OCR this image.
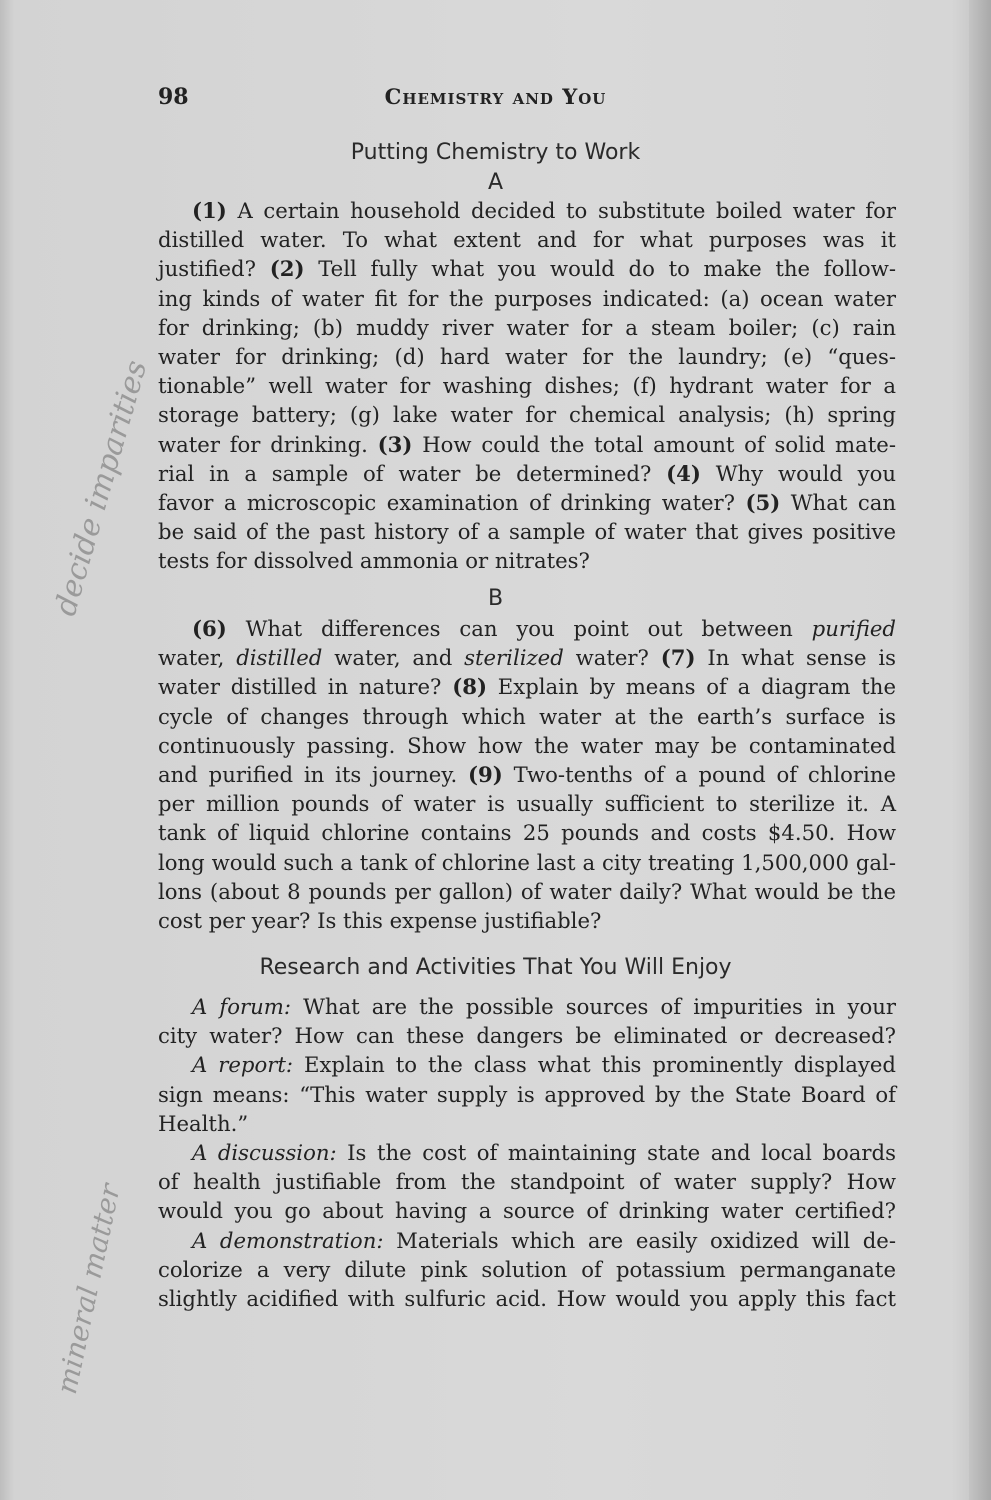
98	Chemistry and You
Putting Chemistry to Work
A
(1) A certain household decided to substitute boiled water for
distilled water. To what extent and for what purposes was it
justified? (2) Tell fully what you would do to make the follow-
ing kinds of water fit for the purposes indicated: (a) ocean water
for drinking; (b) muddy river water for a steam boiler; (c) rain
water for drinking; (d) hard water for the laundry; (e) “ques-
tionable” well water for washing dishes; (f) hydrant water for a
storage battery; (g) lake water for chemical analysis; (h) spring
water for drinking. (3) How could the total amount of solid mate-
rial in a sample of water be determined? (4) Why would you
favor a microscopic examination of drinking water? (5) What can
be said of the past history of a sample of water that gives positive
tests for dissolved ammonia or nitrates?
B
(6) What differences can you point out between purified
water, distilled water, and sterilized water? (7) In what sense is
water distilled in nature? (8) Explain by means of a diagram the
cycle of changes through which water at the earth’s surface is
continuously passing. Show how the water may be contaminated
and purified in its journey. (9) Two-tenths of a pound of chlorine
per million pounds of water is usually sufficient to sterilize it. A
tank of liquid chlorine contains 25 pounds and costs $4.50. How
long would such a tank of chlorine last a city treating 1,500,000 gal-
lons (about 8 pounds per gallon) of water daily? What would be the
cost per year? Is this expense justifiable?
Research and Activities That You Will Enjoy
A forum: What are the possible sources of impurities in your
city water? How can these dangers be eliminated or decreased?
A report: Explain to the class what this prominently displayed
sign means: “This water supply is approved by the State Board of
Health.”
A discussion: Is the cost of maintaining state and local boards
of health justifiable from the standpoint of water supply? How
would you go about having a source of drinking water certified?
A demonstration: Materials which are easily oxidized will de-
colorize a very dilute pink solution of potassium permanganate
slightly acidified with sulfuric acid. How would you apply this fact
decide imparities
mineral matter
